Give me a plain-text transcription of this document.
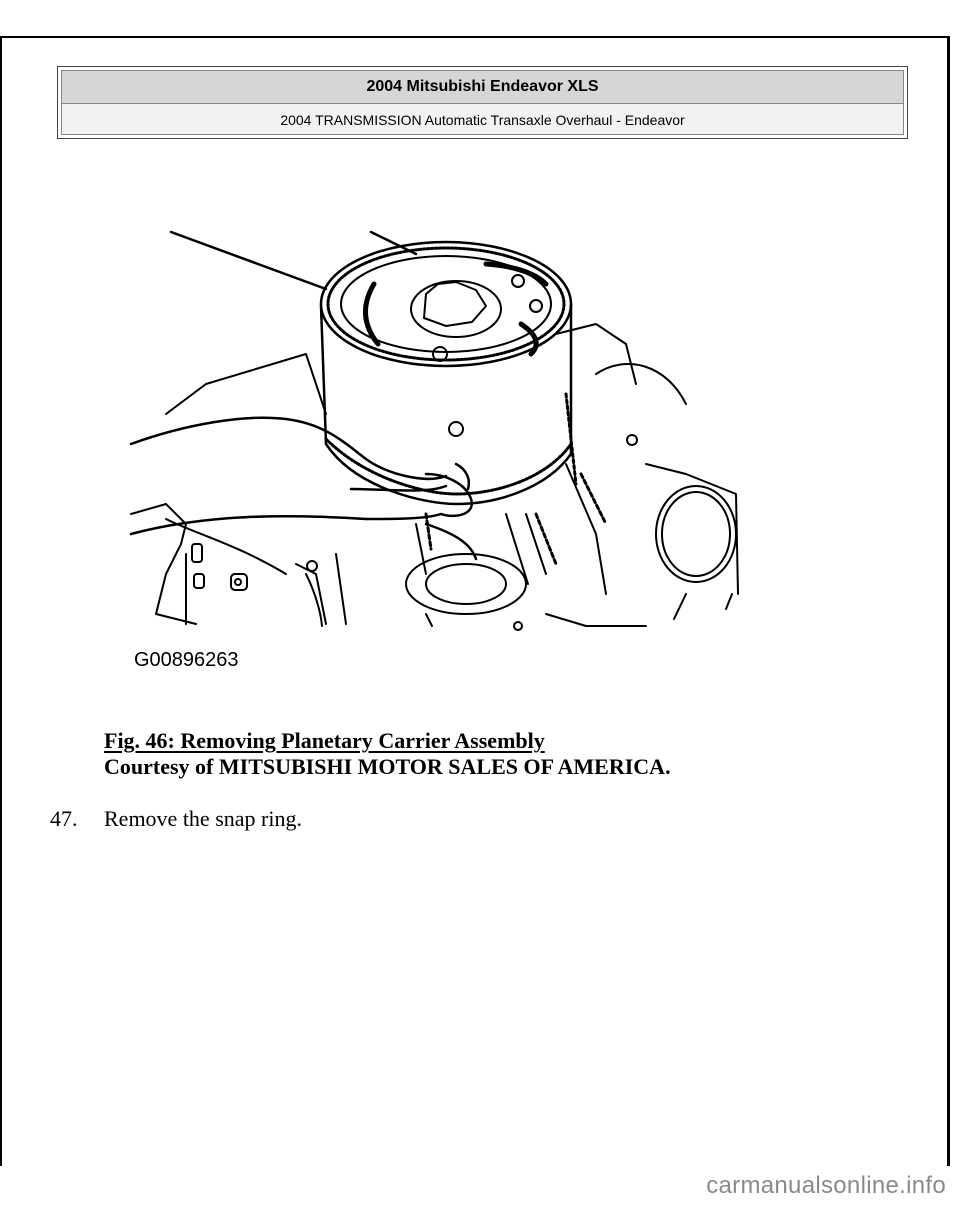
2004 Mitsubishi Endeavor XLS
2004 TRANSMISSION Automatic Transaxle Overhaul - Endeavor
G00896263
Fig. 46: Removing Planetary Carrier Assembly
Courtesy of MITSUBISHI MOTOR SALES OF AMERICA.
47. Remove the snap ring.
carmanualsonline.info
